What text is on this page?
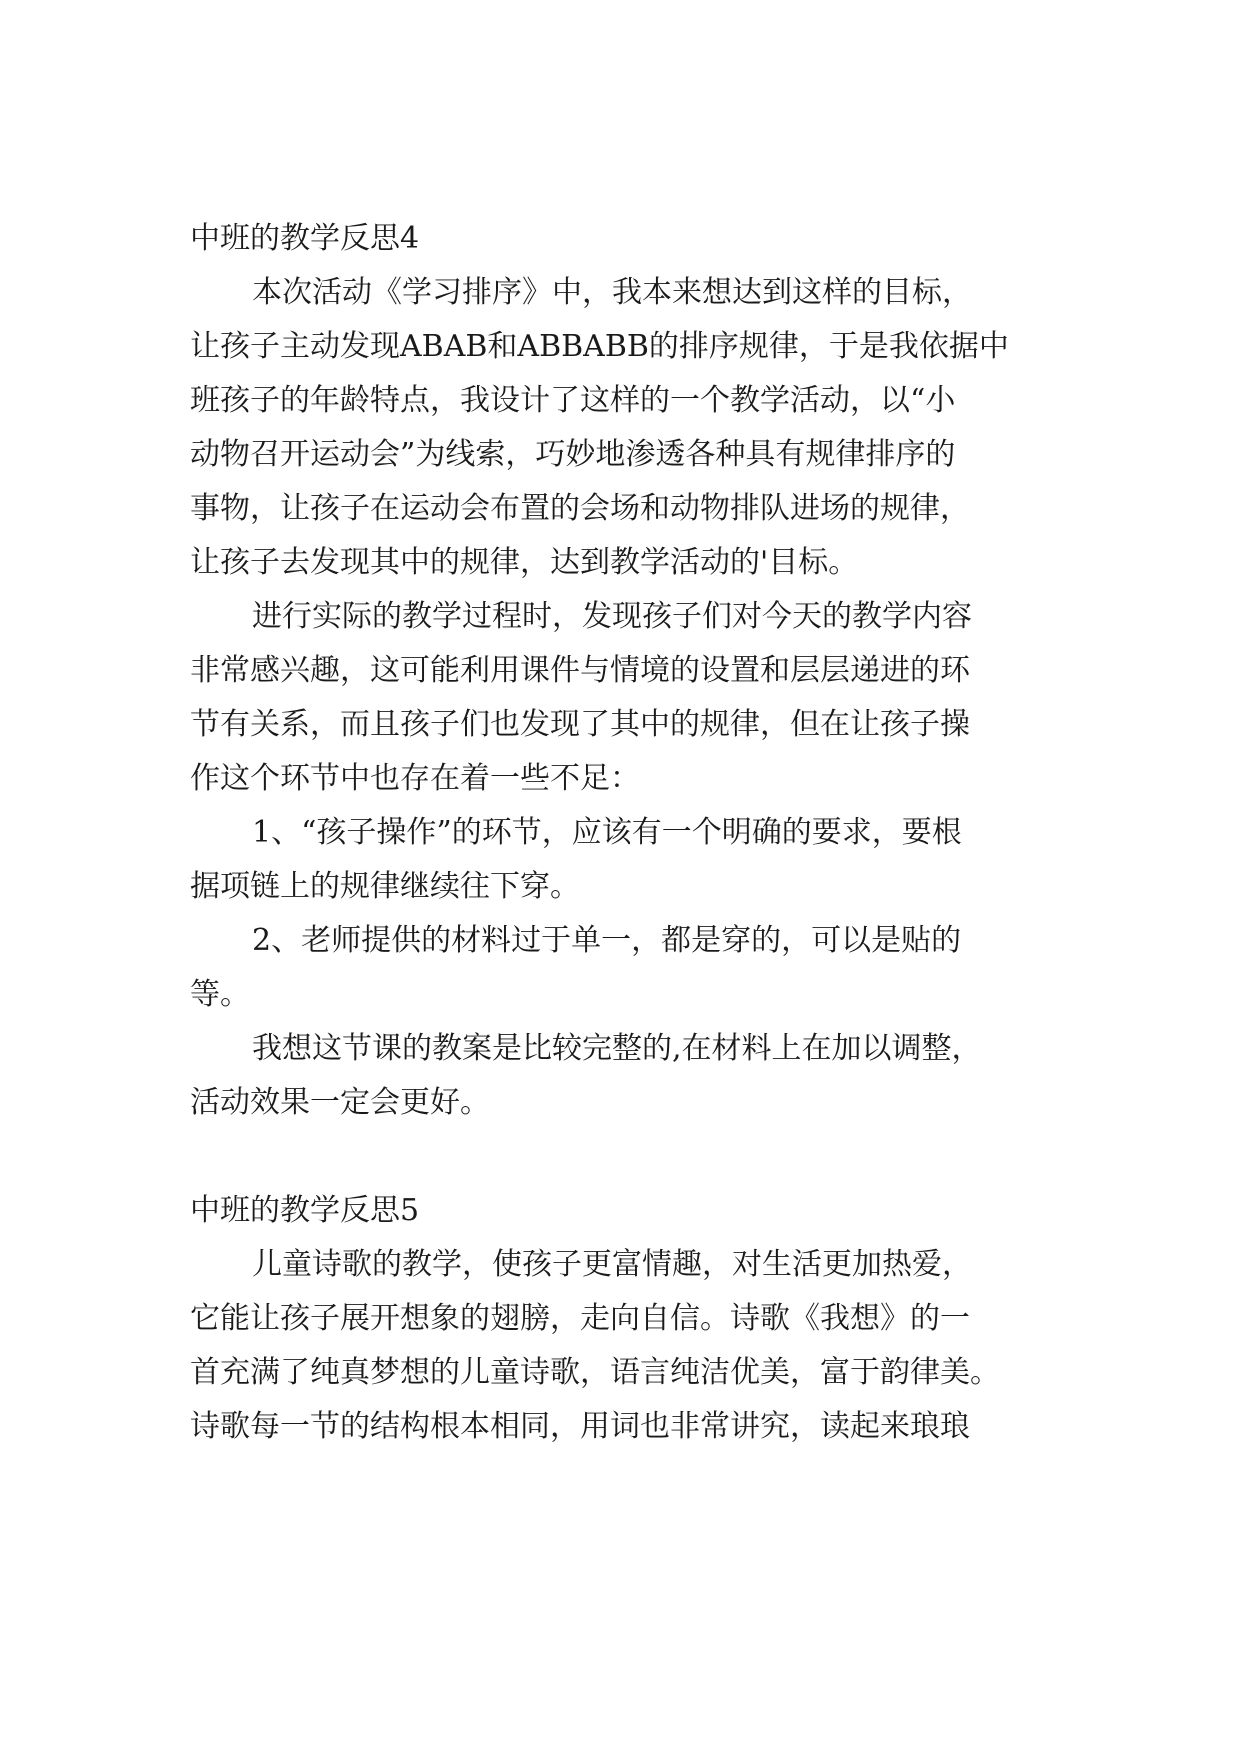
中班的教学反思4
本次活动《学习排序》中，我本来想达到这样的目标，
让孩子主动发现ABAB和ABBABB的排序规律，于是我依据中
班孩子的年龄特点，我设计了这样的一个教学活动，以“小
动物召开运动会”为线索，巧妙地渗透各种具有规律排序的
事物，让孩子在运动会布置的会场和动物排队进场的规律，
让孩子去发现其中的规律，达到教学活动的'目标。
进行实际的教学过程时，发现孩子们对今天的教学内容
非常感兴趣，这可能利用课件与情境的设置和层层递进的环
节有关系，而且孩子们也发现了其中的规律，但在让孩子操
作这个环节中也存在着一些不足：
1、“孩子操作”的环节，应该有一个明确的要求，要根
据项链上的规律继续往下穿。
2、老师提供的材料过于单一，都是穿的，可以是贴的
等。
我想这节课的教案是比较完整的,在材料上在加以调整，
活动效果一定会更好。
中班的教学反思5
儿童诗歌的教学，使孩子更富情趣，对生活更加热爱，
它能让孩子展开想象的翅膀，走向自信。诗歌《我想》的一
首充满了纯真梦想的儿童诗歌，语言纯洁优美，富于韵律美。
诗歌每一节的结构根本相同，用词也非常讲究，读起来琅琅
